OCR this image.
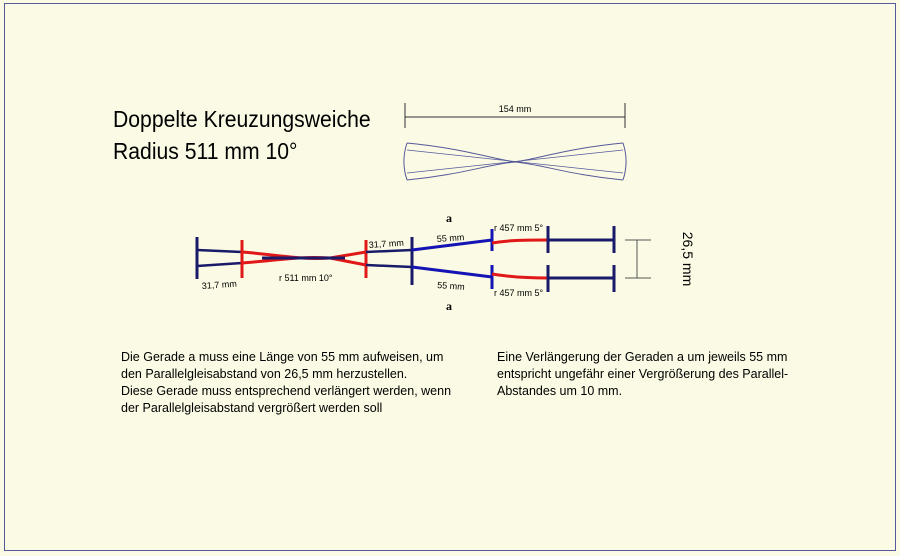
Doppelte Kreuzungsweiche
Radius 511 mm 10°
154 mm
26,5 mm
a
a
31,7 mm
31,7 mm
r 511 mm 10°
55 mm
55 mm
r 457 mm 5°
r 457 mm 5°
Die Gerade a muss eine Länge von 55 mm aufweisen, um
den Parallelgleisabstand von 26,5 mm herzustellen.
Diese Gerade muss entsprechend verlängert werden, wenn
der Parallelgleisabstand vergrößert werden soll
Eine Verlängerung der Geraden a um jeweils 55 mm
entspricht ungefähr einer Vergrößerung des Parallel-
Abstandes um 10 mm.
